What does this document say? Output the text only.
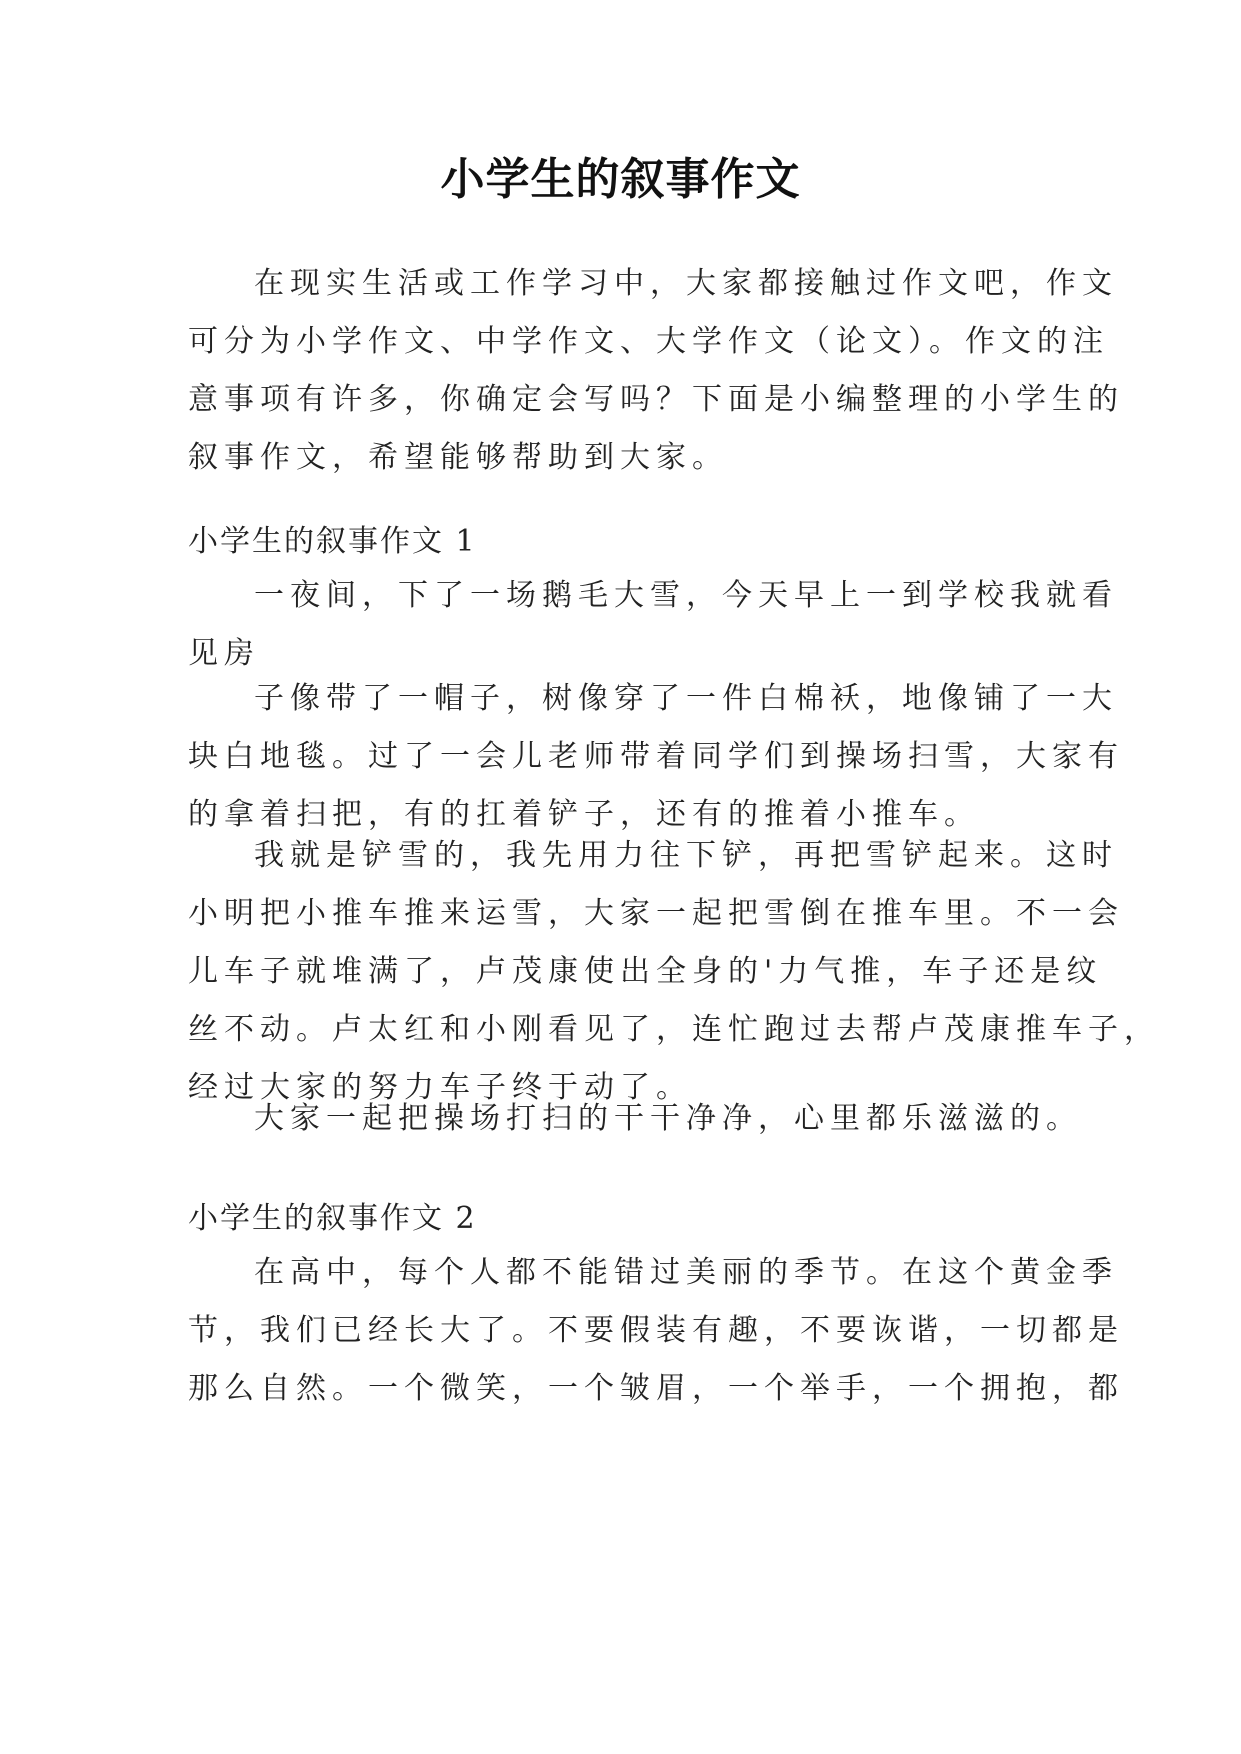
小学生的叙事作文
在现实生活或工作学习中，大家都接触过作文吧，作文
可分为小学作文、中学作文、大学作文（论文）。作文的注
意事项有许多，你确定会写吗？下面是小编整理的小学生的
叙事作文，希望能够帮助到大家。
小学生的叙事作文 1
一夜间，下了一场鹅毛大雪，今天早上一到学校我就看
见房
子像带了一帽子，树像穿了一件白棉袄，地像铺了一大
块白地毯。过了一会儿老师带着同学们到操场扫雪，大家有
的拿着扫把，有的扛着铲子，还有的推着小推车。
我就是铲雪的，我先用力往下铲，再把雪铲起来。这时
小明把小推车推来运雪，大家一起把雪倒在推车里。不一会
儿车子就堆满了，卢茂康使出全身的'力气推，车子还是纹
丝不动。卢太红和小刚看见了，连忙跑过去帮卢茂康推车子，
经过大家的努力车子终于动了。
大家一起把操场打扫的干干净净，心里都乐滋滋的。
小学生的叙事作文 2
在高中，每个人都不能错过美丽的季节。在这个黄金季
节，我们已经长大了。不要假装有趣，不要诙谐，一切都是
那么自然。一个微笑，一个皱眉，一个举手，一个拥抱，都
